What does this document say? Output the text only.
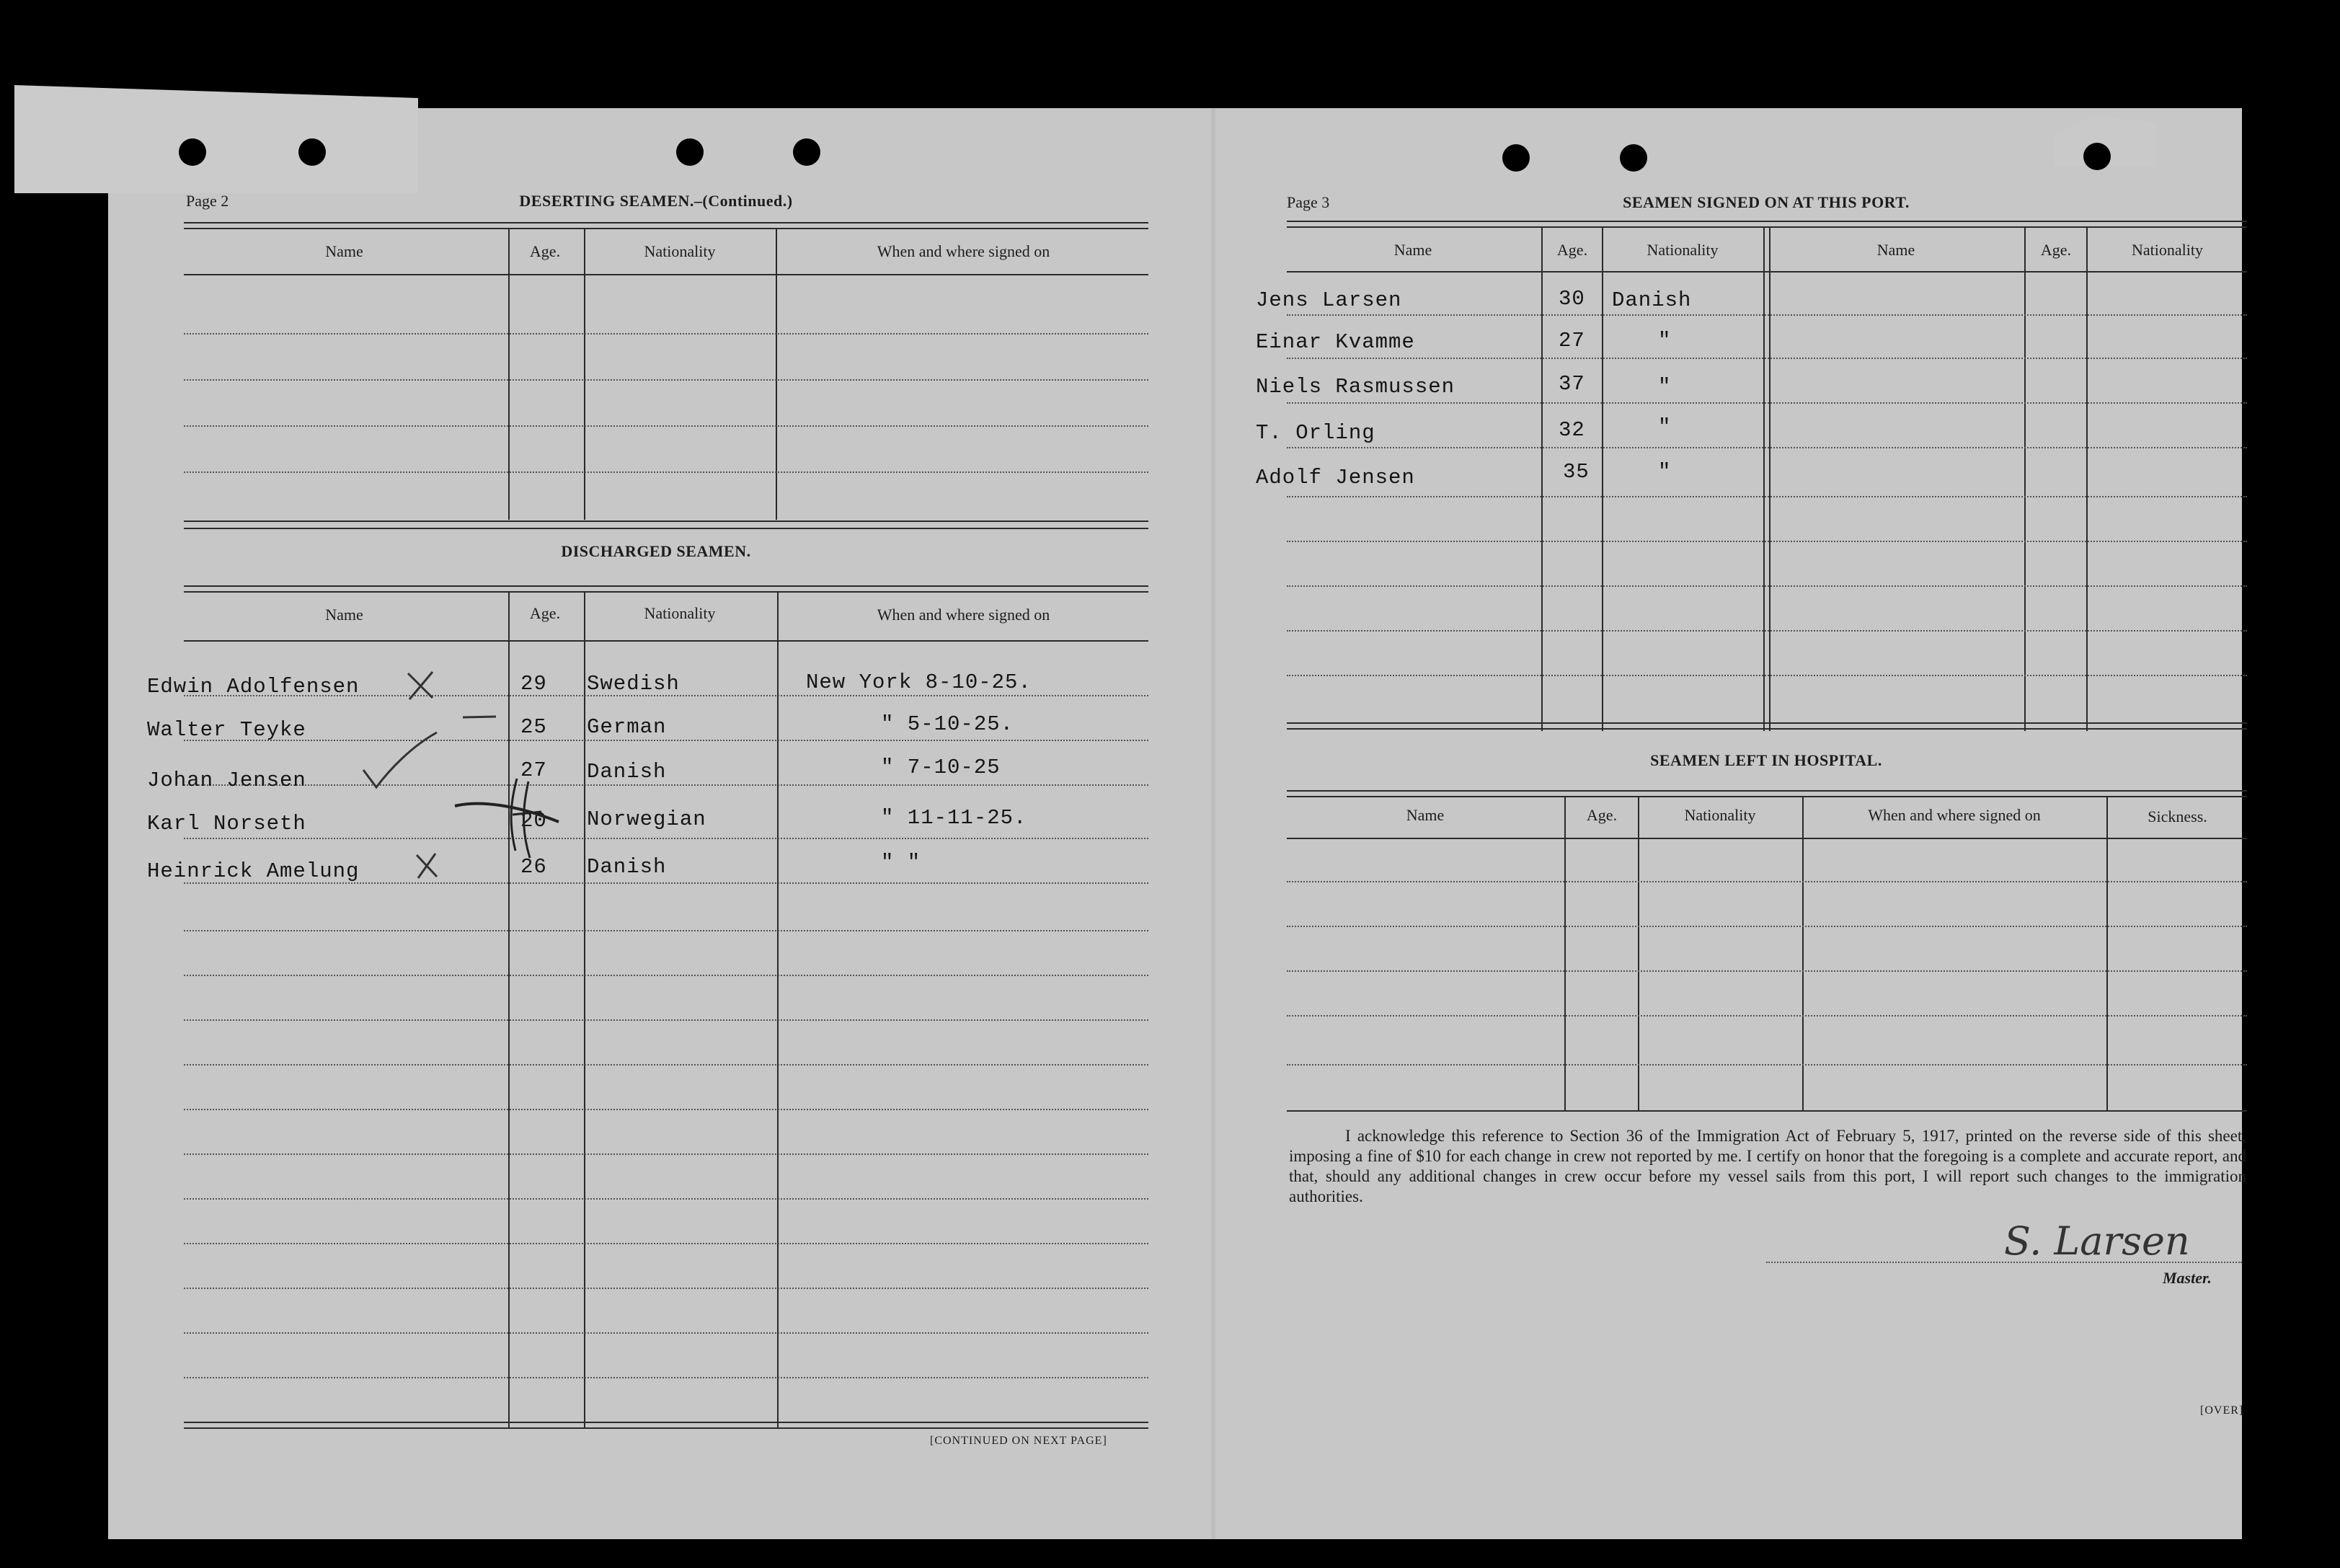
Page 2	DESERTING SEAMEN.–(Continued.)
Name	Age.	Nationality	When and where signed on
DISCHARGED SEAMEN.
Name	Age.	Nationality	When and where signed on
Edwin Adolfensen	29 Swedish	New York 8-10-25.
Walter Teyke	25 German	" 5-10-25.
Johan Jensen	27 Danish	" 7-10-25
Karl Norseth	20 Norwegian	" 11-11-25.
Heinrick Amelung	26 Danish	" "
[CONTINUED ON NEXT PAGE]
Page 3	SEAMEN SIGNED ON AT THIS PORT.
Name	Age.	Nationality	Name	Age.	Nationality
Jens Larsen	30 Danish
Einar Kvamme	27	"
Niels Rasmussen	37	"
T. Orling	32	"
Adolf Jensen	35	"
SEAMEN LEFT IN HOSPITAL.
Name	Age.	Nationality	When and where signed on	Sickness.
I acknowledge this reference to Section 36 of the Immigration Act of February 5, 1917, printed on the reverse side of this sheet, imposing a fine of $10 for each change in crew not reported by me. I certify on honor that the foregoing is a complete and accurate report, and that, should any additional changes in crew occur before my vessel sails from this port, I will report such changes to the immigration authorities.
S. Larsen
Master.
[OVER]
